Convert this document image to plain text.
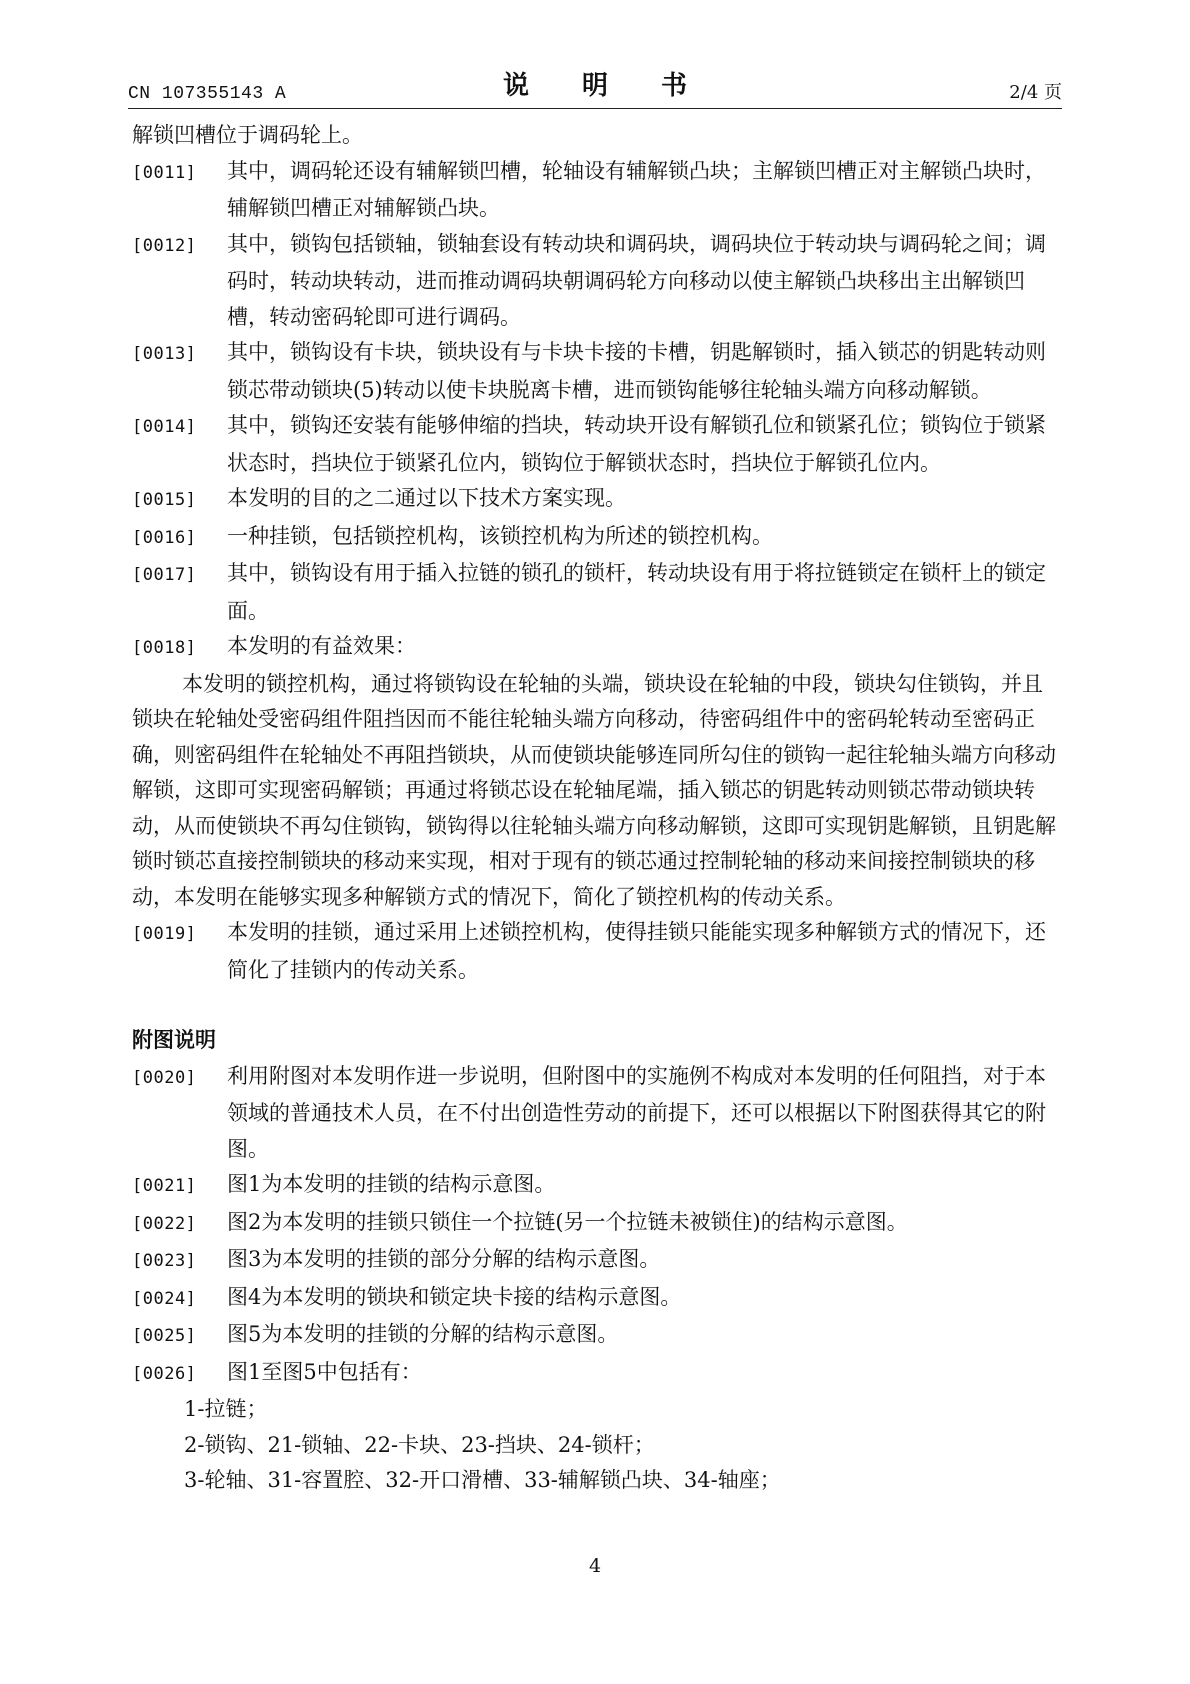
CN 107355143 A	说 明 书	2/4 页

解锁凹槽位于调码轮上。

[0011] 其中，调码轮还设有辅解锁凹槽，轮轴设有辅解锁凸块；主解锁凹槽正对主解锁凸块时，辅解锁凹槽正对辅解锁凸块。

[0012] 其中，锁钩包括锁轴，锁轴套设有转动块和调码块，调码块位于转动块与调码轮之间；调码时，转动块转动，进而推动调码块朝调码轮方向移动以使主解锁凸块移出主出解锁凹槽，转动密码轮即可进行调码。

[0013] 其中，锁钩设有卡块，锁块设有与卡块卡接的卡槽，钥匙解锁时，插入锁芯的钥匙转动则锁芯带动锁块(5)转动以使卡块脱离卡槽，进而锁钩能够往轮轴头端方向移动解锁。

[0014] 其中，锁钩还安装有能够伸缩的挡块，转动块开设有解锁孔位和锁紧孔位；锁钩位于锁紧状态时，挡块位于锁紧孔位内，锁钩位于解锁状态时，挡块位于解锁孔位内。

[0015] 本发明的目的之二通过以下技术方案实现。

[0016] 一种挂锁，包括锁控机构，该锁控机构为所述的锁控机构。

[0017] 其中，锁钩设有用于插入拉链的锁孔的锁杆，转动块设有用于将拉链锁定在锁杆上的锁定面。

[0018] 本发明的有益效果：

本发明的锁控机构，通过将锁钩设在轮轴的头端，锁块设在轮轴的中段，锁块勾住锁钩，并且锁块在轮轴处受密码组件阻挡因而不能往轮轴头端方向移动，待密码组件中的密码轮转动至密码正确，则密码组件在轮轴处不再阻挡锁块，从而使锁块能够连同所勾住的锁钩一起往轮轴头端方向移动解锁，这即可实现密码解锁；再通过将锁芯设在轮轴尾端，插入锁芯的钥匙转动则锁芯带动锁块转动，从而使锁块不再勾住锁钩，锁钩得以往轮轴头端方向移动解锁，这即可实现钥匙解锁，且钥匙解锁时锁芯直接控制锁块的移动来实现，相对于现有的锁芯通过控制轮轴的移动来间接控制锁块的移动，本发明在能够实现多种解锁方式的情况下，简化了锁控机构的传动关系。

[0019] 本发明的挂锁，通过采用上述锁控机构，使得挂锁只能能实现多种解锁方式的情况下，还简化了挂锁内的传动关系。

附图说明

[0020] 利用附图对本发明作进一步说明，但附图中的实施例不构成对本发明的任何阻挡，对于本领域的普通技术人员，在不付出创造性劳动的前提下，还可以根据以下附图获得其它的附图。

[0021] 图1为本发明的挂锁的结构示意图。

[0022] 图2为本发明的挂锁只锁住一个拉链(另一个拉链未被锁住)的结构示意图。

[0023] 图3为本发明的挂锁的部分分解的结构示意图。

[0024] 图4为本发明的锁块和锁定块卡接的结构示意图。

[0025] 图5为本发明的挂锁的分解的结构示意图。

[0026] 图1至图5中包括有：

1-拉链；

2-锁钩、21-锁轴、22-卡块、23-挡块、24-锁杆；

3-轮轴、31-容置腔、32-开口滑槽、33-辅解锁凸块、34-轴座；

4
